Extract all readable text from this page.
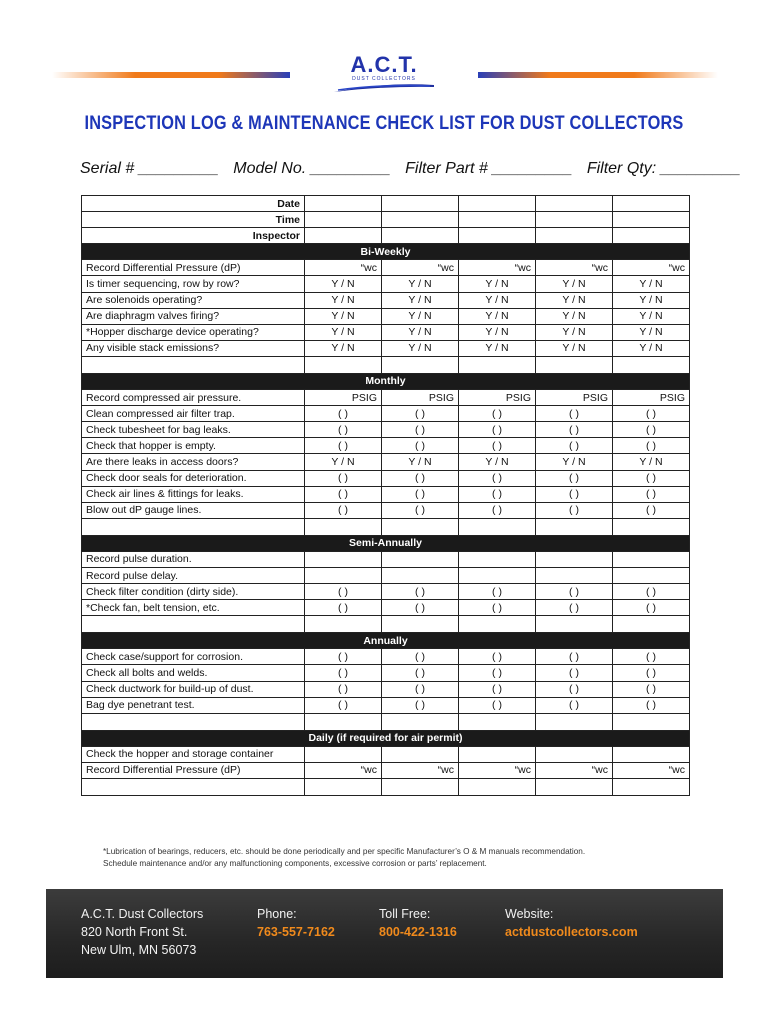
A.C.T.
DUST COLLECTORS
INSPECTION LOG & MAINTENANCE CHECK LIST FOR DUST COLLECTORS
Serial # _________ Model No. _________ Filter Part # _________ Filter Qty: _________
Date					
Time					
Inspector					
Bi-Weekly					
Record Differential Pressure (dP)	“wc	“wc	“wc	“wc	“wc
Is timer sequencing, row by row?	Y / N	Y / N	Y / N	Y / N	Y / N
Are solenoids operating?	Y / N	Y / N	Y / N	Y / N	Y / N
Are diaphragm valves firing?	Y / N	Y / N	Y / N	Y / N	Y / N
*Hopper discharge device operating?	Y / N	Y / N	Y / N	Y / N	Y / N
Any visible stack emissions?	Y / N	Y / N	Y / N	Y / N	Y / N

Monthly					
Record compressed air pressure.	PSIG	PSIG	PSIG	PSIG	PSIG
Clean compressed air filter trap.	( )	( )	( )	( )	( )
Check tubesheet for bag leaks.	( )	( )	( )	( )	( )
Check that hopper is empty.	( )	( )	( )	( )	( )
Are there leaks in access doors?	Y / N	Y / N	Y / N	Y / N	Y / N
Check door seals for deterioration.	( )	( )	( )	( )	( )
Check air lines & fittings for leaks.	( )	( )	( )	( )	( )
Blow out dP gauge lines.	( )	( )	( )	( )	( )

Semi-Annually					
Record pulse duration.					
Record pulse delay.					
Check filter condition (dirty side).	( )	( )	( )	( )	( )
*Check fan, belt tension, etc.	( )	( )	( )	( )	( )

Annually					
Check case/support for corrosion.	( )	( )	( )	( )	( )
Check all bolts and welds.	( )	( )	( )	( )	( )
Check ductwork for build-up of dust.	( )	( )	( )	( )	( )
Bag dye penetrant test.	( )	( )	( )	( )	( )

Daily (if required for air permit)					
Check the hopper and storage container					
Record Differential Pressure (dP)	“wc	“wc	“wc	“wc	“wc

*Lubrication of bearings, reducers, etc. should be done periodically and per specific Manufacturer’s O & M manuals recommendation.
Schedule maintenance and/or any malfunctioning components, excessive corrosion or parts’ replacement.
A.C.T. Dust Collectors
820 North Front St.
New Ulm, MN 56073
Phone:
763-557-7162
Toll Free:
800-422-1316
Website:
actdustcollectors.com
